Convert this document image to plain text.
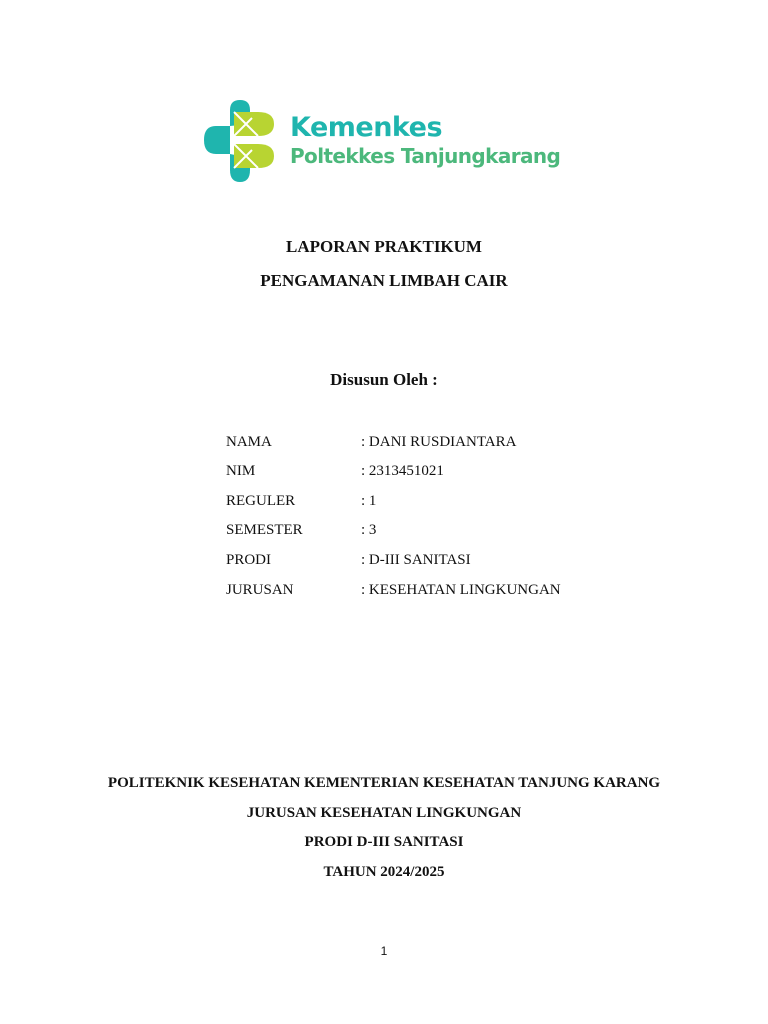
Kemenkes
Poltekkes Tanjungkarang
LAPORAN PRAKTIKUM
PENGAMANAN LIMBAH CAIR
Disusun Oleh :
NAMA	: DANI RUSDIANTARA
NIM	: 2313451021
REGULER	: 1
SEMESTER	: 3
PRODI	: D-III SANITASI
JURUSAN	: KESEHATAN LINGKUNGAN
POLITEKNIK KESEHATAN KEMENTERIAN KESEHATAN TANJUNG KARANG
JURUSAN KESEHATAN LINGKUNGAN
PRODI D-III SANITASI
TAHUN 2024/2025
1
